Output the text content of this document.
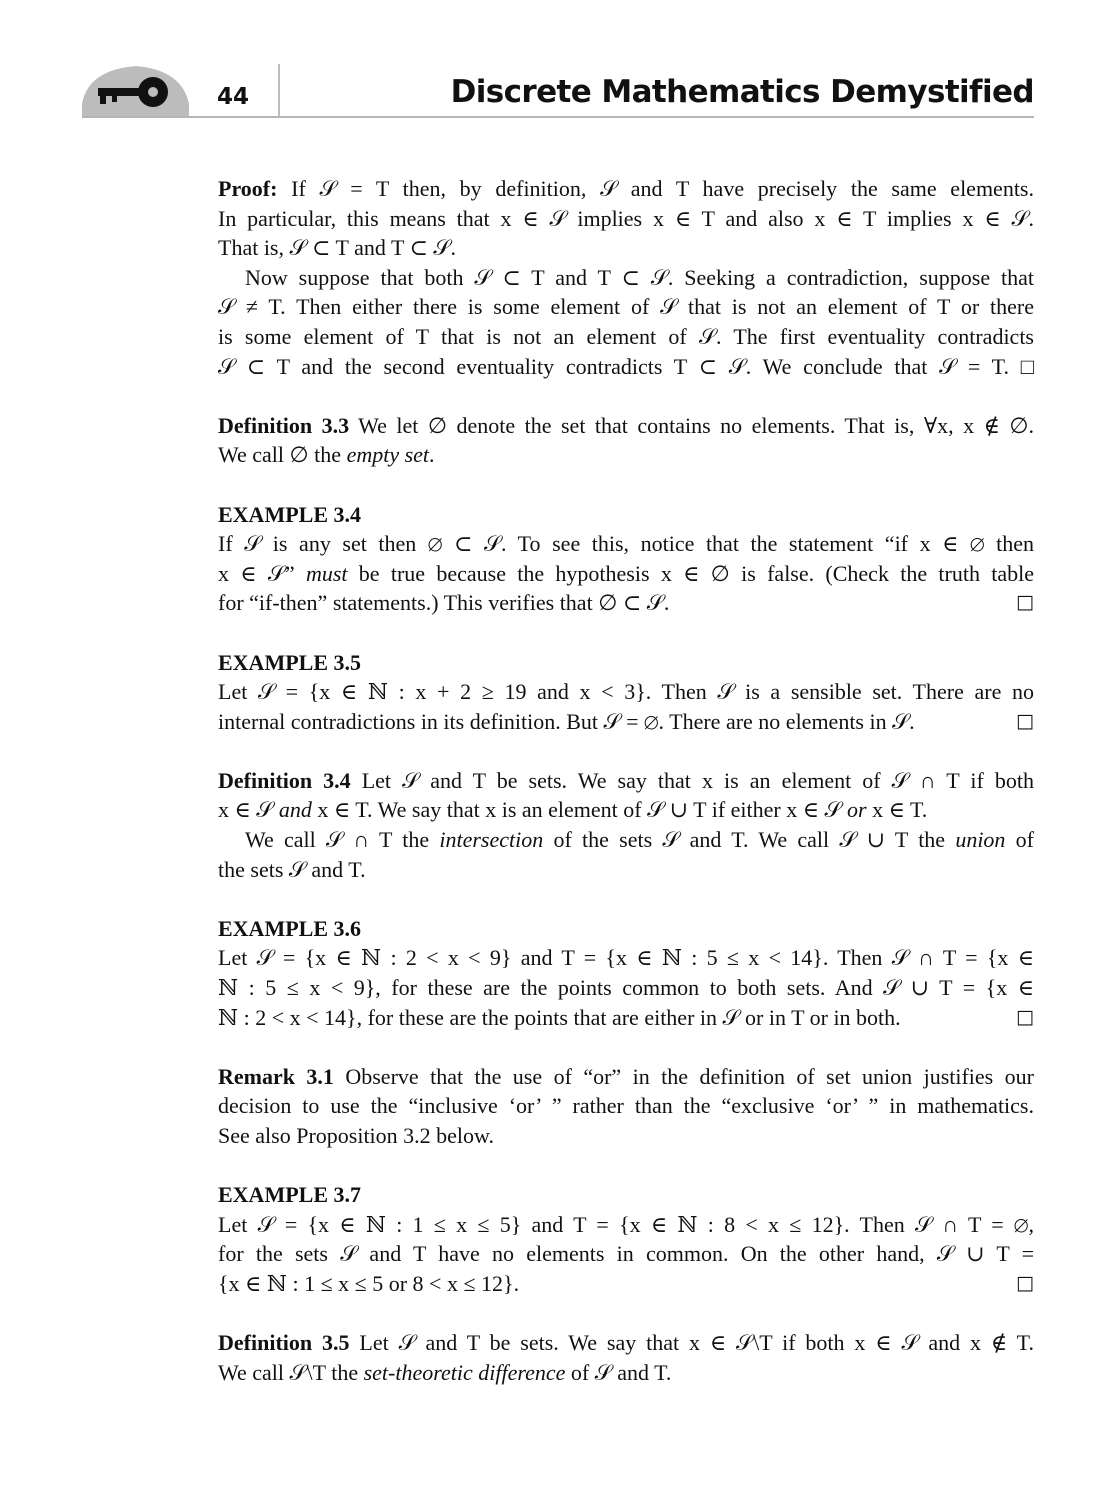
44	Discrete Mathematics Demystified
Proof: If 𝒮 = T then, by definition, 𝒮 and T have precisely the same elements.
In particular, this means that x ∈ 𝒮 implies x ∈ T and also x ∈ T implies x ∈ 𝒮.
That is, 𝒮 ⊂ T and T ⊂ 𝒮.
Now suppose that both 𝒮 ⊂ T and T ⊂ 𝒮. Seeking a contradiction, suppose that
𝒮 ≠ T. Then either there is some element of 𝒮 that is not an element of T or there
is some element of T that is not an element of 𝒮. The first eventuality contradicts
𝒮 ⊂ T and the second eventuality contradicts T ⊂ 𝒮. We conclude that 𝒮 = T. □
Definition 3.3 We let ∅ denote the set that contains no elements. That is, ∀x, x ∉ ∅.
We call ∅ the empty set.
EXAMPLE 3.4
If 𝒮 is any set then ∅ ⊂ 𝒮. To see this, notice that the statement “if x ∈ ∅ then
x ∈ 𝒮” must be true because the hypothesis x ∈ ∅ is false. (Check the truth table
for “if-then” statements.) This verifies that ∅ ⊂ 𝒮.	□
EXAMPLE 3.5
Let 𝒮 = {x ∈ ℕ : x + 2 ≥ 19 and x < 3}. Then 𝒮 is a sensible set. There are no
internal contradictions in its definition. But 𝒮 = ∅. There are no elements in 𝒮.	□
Definition 3.4 Let 𝒮 and T be sets. We say that x is an element of 𝒮 ∩ T if both
x ∈ 𝒮 and x ∈ T. We say that x is an element of 𝒮 ∪ T if either x ∈ 𝒮 or x ∈ T.
We call 𝒮 ∩ T the intersection of the sets 𝒮 and T. We call 𝒮 ∪ T the union of
the sets 𝒮 and T.
EXAMPLE 3.6
Let 𝒮 = {x ∈ ℕ : 2 < x < 9} and T = {x ∈ ℕ : 5 ≤ x < 14}. Then 𝒮 ∩ T = {x ∈
ℕ : 5 ≤ x < 9}, for these are the points common to both sets. And 𝒮 ∪ T = {x ∈
ℕ : 2 < x < 14}, for these are the points that are either in 𝒮 or in T or in both.	□
Remark 3.1 Observe that the use of “or” in the definition of set union justifies our
decision to use the “inclusive ‘or’ ” rather than the “exclusive ‘or’ ” in mathematics.
See also Proposition 3.2 below.
EXAMPLE 3.7
Let 𝒮 = {x ∈ ℕ : 1 ≤ x ≤ 5} and T = {x ∈ ℕ : 8 < x ≤ 12}. Then 𝒮 ∩ T = ∅,
for the sets 𝒮 and T have no elements in common. On the other hand, 𝒮 ∪ T =
{x ∈ ℕ : 1 ≤ x ≤ 5 or 8 < x ≤ 12}.	□
Definition 3.5 Let 𝒮 and T be sets. We say that x ∈ 𝒮\T if both x ∈ 𝒮 and x ∉ T.
We call 𝒮\T the set-theoretic difference of 𝒮 and T.
